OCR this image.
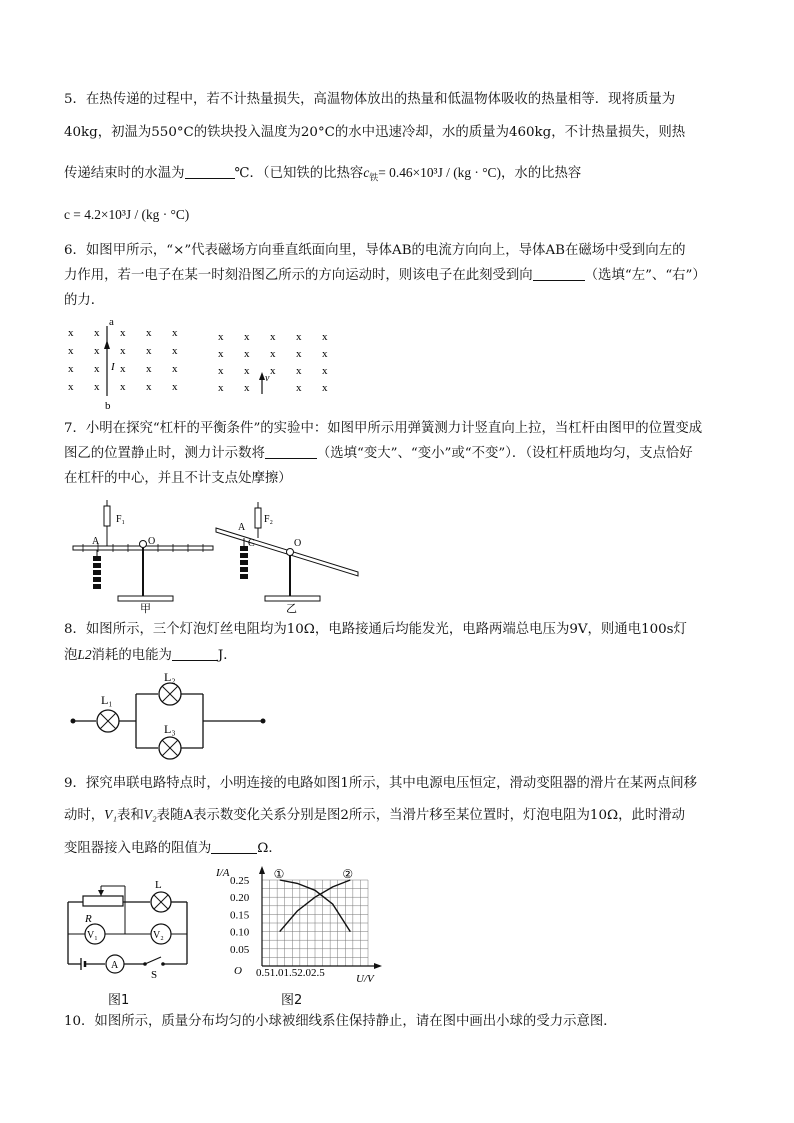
5．在热传递的过程中，若不计热量损失，高温物体放出的热量和低温物体吸收的热量相等．现将质量为
40kg，初温为550°C的铁块投入温度为20°C的水中迅速冷却，水的质量为460kg，不计热量损失，则热
传递结束时的水温为	℃．（已知铁的比热容$c_铁= 0.46\times 10^3J / (kg \cdot ^\circ C)$，水的比热容
c = 4.2×10³J / (kg · °C)
6．如图甲所示，“×”代表磁场方向垂直纸面向里，导体AB的电流方向向上，导体AB在磁场中受到向左的
力作用，若一电子在某一时刻沿图乙所示的方向运动时，则该电子在此刻受到向	（选填“左”、“右”）
的力．
x x x x x
x x x x x
x x x x x
x x x x x
x x x x x
x x x x x
x x x x x
x x	x x
a
b
I
v
7．小明在探究“杠杆的平衡条件”的实验中：如图甲所示用弹簧测力计竖直向上拉，当杠杆由图甲的位置变成
图乙的位置静止时，测力计示数将	（选填“变大”、“变小”或“不变”）．（设杠杆质地均匀，支点恰好
在杠杆的中心，并且不计支点处摩擦）
F₁
A	O
甲
F₂
A
C	O
乙
8．如图所示，三个灯泡灯丝电阻均为10Ω，电路接通后均能发光，电路两端总电压为9V，则通电100s灯
泡L2消耗的电能为	J．
L₁
L₂
L₃
9．探究串联电路特点时，小明连接的电路如图1所示，其中电源电压恒定，滑动变阻器的滑片在某两点间移
动时，V₁表和V₂表随A表示数变化关系分别是图2所示，当滑片移至某位置时，灯泡电阻为10Ω，此时滑动
变阻器接入电路的阻值为	Ω．
R
L
V₁	V₂
A
S
图1
I/A
U/V
O 0.51.01.52.02.5
0.25
0.20
0.15
0.10
0.05
①	②
图2
10．如图所示，质量分布均匀的小球被细线系住保持静止，请在图中画出小球的受力示意图．
